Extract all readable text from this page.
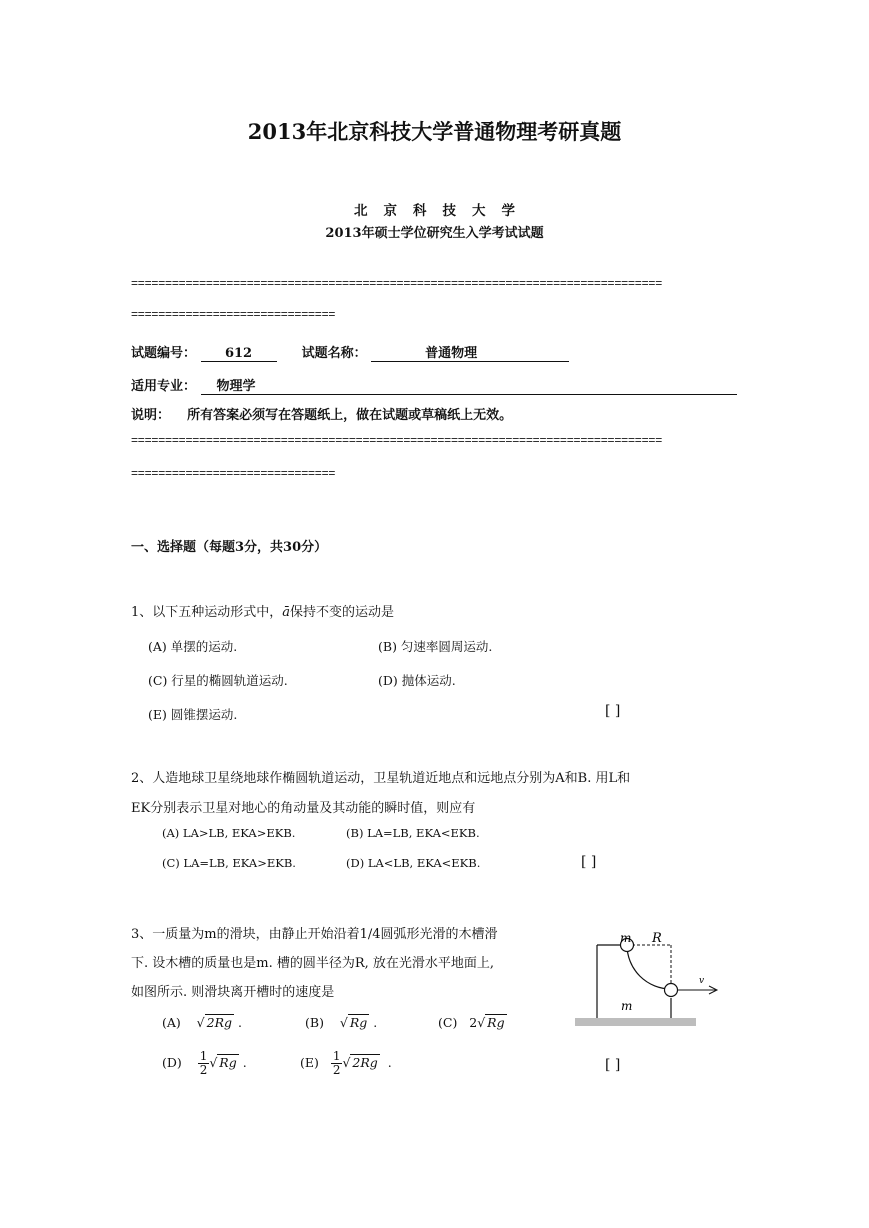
2013年北京科技大学普通物理考研真题
北京科技大学
2013年硕士学位研究生入学考试试题
==============================================================================
==============================
试题编号： 612	试题名称：	普通物理
适用专业： 物理学
说明： 所有答案必须写在答题纸上，做在试题或草稿纸上无效。
==============================================================================
==============================
一、选择题（每题3分，共30分）
1、以下五种运动形式中，ā保持不变的运动是
(A) 单摆的运动.	(B) 匀速率圆周运动.
(C) 行星的椭圆轨道运动.	(D) 抛体运动.
(E) 圆锥摆运动.	[ ]
2、人造地球卫星绕地球作椭圆轨道运动，卫星轨道近地点和远地点分别为A和B. 用L和
EK分别表示卫星对地心的角动量及其动能的瞬时值，则应有
(A) LA>LB, EKA>EKB.	(B) LA=LB, EKA<EKB.
(C) LA=LB, EKA>EKB.	(D) LA<LB, EKA<EKB.	[ ]
3、一质量为m的滑块，由静止开始沿着1/4圆弧形光滑的木槽滑
下. 设木槽的质量也是m. 槽的圆半径为R, 放在光滑水平地面上,
如图所示. 则滑块离开槽时的速度是
(A)    √ 2Rg .	(B)    √ Rg .	(C) 2√ Rg
$(D) \frac{1}{2}$ √ Rg .	$(E) \frac{1}{2}$ √ 2Rg  .	[ ]
m R
v
m
